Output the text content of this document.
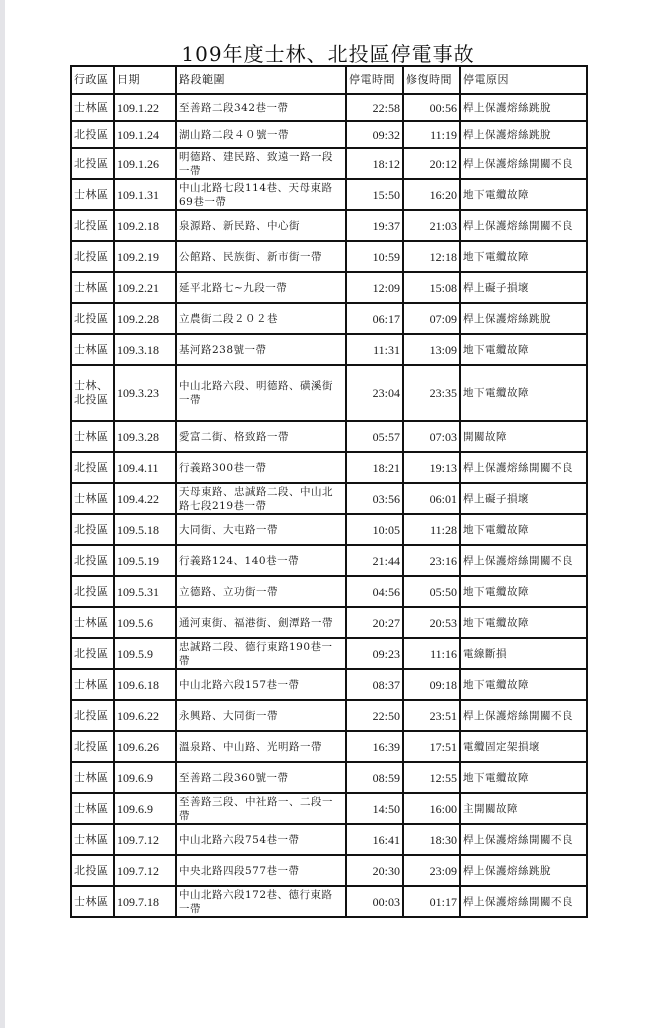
109年度士林、北投區停電事故
行政區	日期	路段範圍	停電時間	修復時間	停電原因
士林區	109.1.22	至善路二段342巷一帶	22:58	00:56	桿上保護熔絲跳脫
北投區	109.1.24	湖山路二段４０號一帶	09:32	11:19	桿上保護熔絲跳脫
北投區	109.1.26	明德路、建民路、致遠一路一段一帶	18:12	20:12	桿上保護熔絲開關不良
士林區	109.1.31	中山北路七段114巷、天母東路69巷一帶	15:50	16:20	地下電纜故障
北投區	109.2.18	泉源路、新民路、中心街	19:37	21:03	桿上保護熔絲開關不良
北投區	109.2.19	公館路、民族街、新市街一帶	10:59	12:18	地下電纜故障
士林區	109.2.21	延平北路七~九段一帶	12:09	15:08	桿上礙子損壞
北投區	109.2.28	立農街二段２０２巷	06:17	07:09	桿上保護熔絲跳脫
士林區	109.3.18	基河路238號一帶	11:31	13:09	地下電纜故障
士林、北投區	109.3.23	中山北路六段、明德路、磺溪街一帶	23:04	23:35	地下電纜故障
士林區	109.3.28	愛富二街、格致路一帶	05:57	07:03	開關故障
北投區	109.4.11	行義路300巷一帶	18:21	19:13	桿上保護熔絲開關不良
士林區	109.4.22	天母東路、忠誠路二段、中山北路七段219巷一帶	03:56	06:01	桿上礙子損壞
北投區	109.5.18	大同街、大屯路一帶	10:05	11:28	地下電纜故障
北投區	109.5.19	行義路124、140巷一帶	21:44	23:16	桿上保護熔絲開關不良
北投區	109.5.31	立德路、立功街一帶	04:56	05:50	地下電纜故障
士林區	109.5.6	通河東街、福港街、劍潭路一帶	20:27	20:53	地下電纜故障
北投區	109.5.9	忠誠路二段、德行東路190巷一帶	09:23	11:16	電線斷損
士林區	109.6.18	中山北路六段157巷一帶	08:37	09:18	地下電纜故障
北投區	109.6.22	永興路、大同街一帶	22:50	23:51	桿上保護熔絲開關不良
北投區	109.6.26	溫泉路、中山路、光明路一帶	16:39	17:51	電纜固定架損壞
士林區	109.6.9	至善路二段360號一帶	08:59	12:55	地下電纜故障
士林區	109.6.9	至善路三段、中社路一、二段一帶	14:50	16:00	主開關故障
士林區	109.7.12	中山北路六段754巷一帶	16:41	18:30	桿上保護熔絲開關不良
北投區	109.7.12	中央北路四段577巷一帶	20:30	23:09	桿上保護熔絲跳脫
士林區	109.7.18	中山北路六段172巷、德行東路一帶	00:03	01:17	桿上保護熔絲開關不良
